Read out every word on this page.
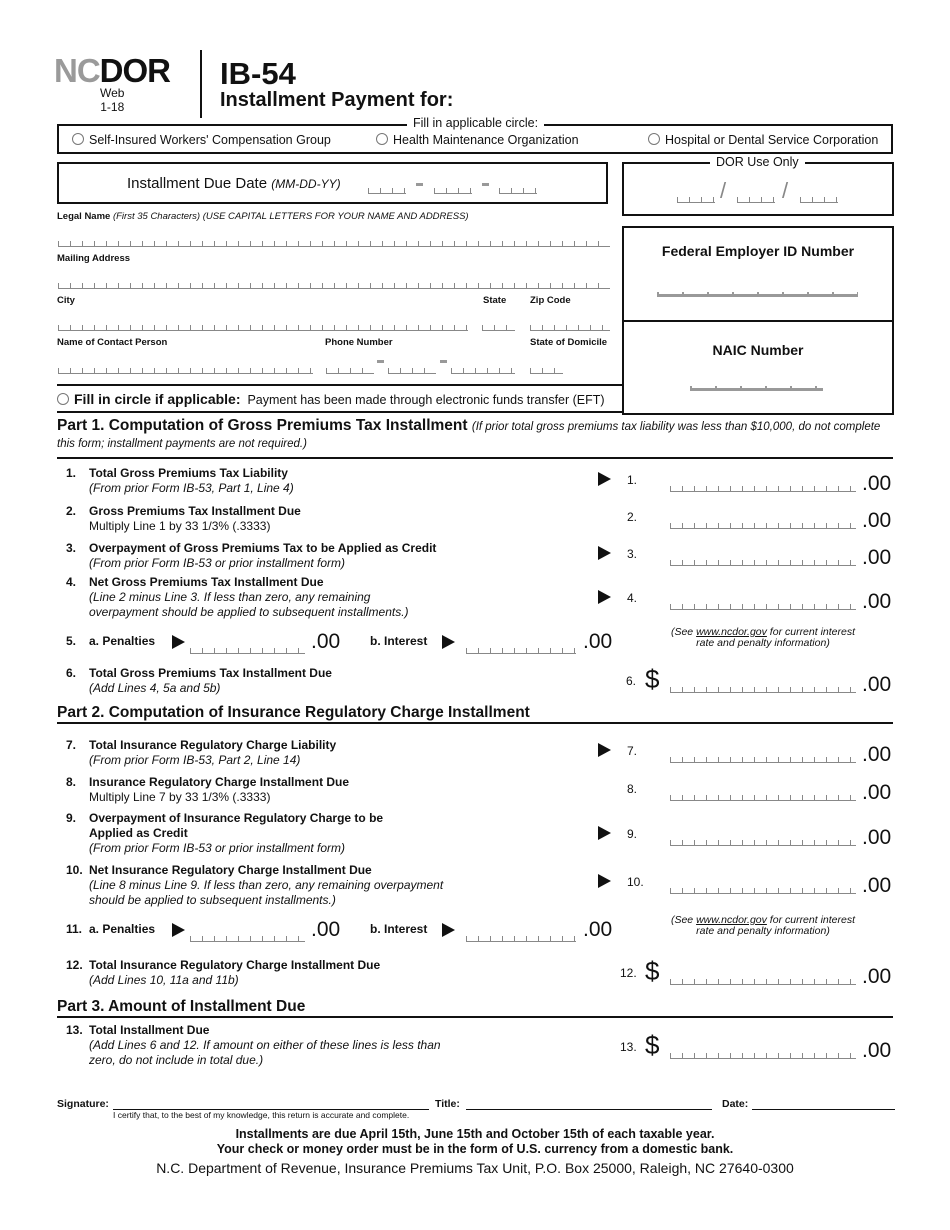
NCDOR
Web
1-18
IB-54
Installment Payment for:
Fill in applicable circle:
Self-Insured Workers' Compensation Group	Health Maintenance Organization	Hospital or Dental Service Corporation
Installment Due Date (MM-DD-YY)
DOR Use Only
/	/
Legal Name (First 35 Characters) (USE CAPITAL LETTERS FOR YOUR NAME AND ADDRESS)
Mailing Address
City	State	Zip Code
Name of Contact Person	Phone Number	State of Domicile
Fill in circle if applicable: Payment has been made through electronic funds transfer (EFT)
Federal Employer ID Number
NAIC Number
Part 1. Computation of Gross Premiums Tax Installment (If prior total gross premiums tax liability was less than $10,000, do not complete this form; installment payments are not required.)
1. Total Gross Premiums Tax Liability
(From prior Form IB-53, Part 1, Line 4)
1.	.00
2. Gross Premiums Tax Installment Due
Multiply Line 1 by 33 1/3% (.3333)
2.	.00
3. Overpayment of Gross Premiums Tax to be Applied as Credit
(From prior Form IB-53 or prior installment form)
3.	.00
4. Net Gross Premiums Tax Installment Due
(Line 2 minus Line 3. If less than zero, any remaining
overpayment should be applied to subsequent installments.)
4.	.00
5. a. Penalties	.00 b. Interest	.00	(See www.ncdor.gov for current interest rate and penalty information)
6. Total Gross Premiums Tax Installment Due
(Add Lines 4, 5a and 5b)	6. $	.00
7. Total Insurance Regulatory Charge Liability
(From prior Form IB-53, Part 2, Line 14)
7.	.00
8. Insurance Regulatory Charge Installment Due
Multiply Line 7 by 33 1/3% (.3333)
8.	.00
9. Overpayment of Insurance Regulatory Charge to be
Applied as Credit
(From prior Form IB-53 or prior installment form)
9.	.00
10. Net Insurance Regulatory Charge Installment Due
(Line 8 minus Line 9. If less than zero, any remaining overpayment
should be applied to subsequent installments.)
10.	.00
11. a. Penalties	.00 b. Interest	.00	(See www.ncdor.gov for current interest rate and penalty information)
12. Total Insurance Regulatory Charge Installment Due
(Add Lines 10, 11a and 11b)	12. $	.00
13. Total Installment Due
(Add Lines 6 and 12. If amount on either of these lines is less than
zero, do not include in total due.)
13. $	.00
Part 2. Computation of Insurance Regulatory Charge Installment
Part 3. Amount of Installment Due
Signature:
I certify that, to the best of my knowledge, this return is accurate and complete.
Title:	Date:
Installments are due April 15th, June 15th and October 15th of each taxable year.
Your check or money order must be in the form of U.S. currency from a domestic bank.
N.C. Department of Revenue, Insurance Premiums Tax Unit, P.O. Box 25000, Raleigh, NC 27640-0300
